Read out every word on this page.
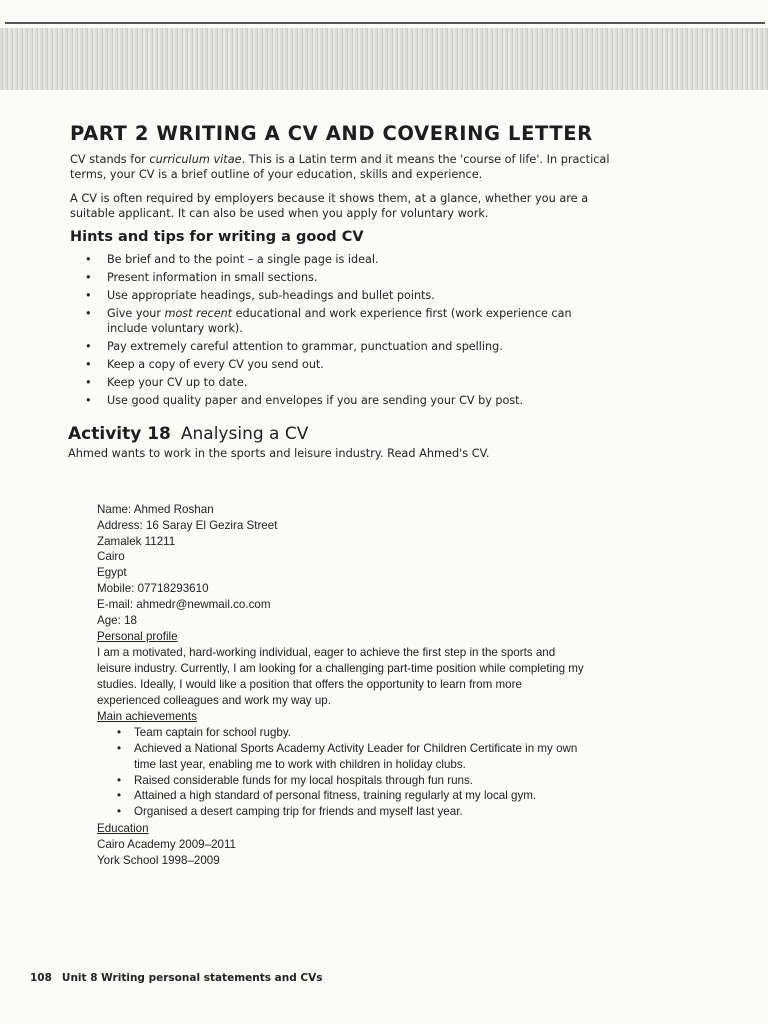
PART 2 WRITING A CV AND COVERING LETTER

CV stands for curriculum vitae. This is a Latin term and it means the 'course of life'. In practical terms, your CV is a brief outline of your education, skills and experience.

A CV is often required by employers because it shows them, at a glance, whether you are a suitable applicant. It can also be used when you apply for voluntary work.

Hints and tips for writing a good CV
• Be brief and to the point – a single page is ideal.
• Present information in small sections.
• Use appropriate headings, sub-headings and bullet points.
• Give your most recent educational and work experience first (work experience can include voluntary work).
• Pay extremely careful attention to grammar, punctuation and spelling.
• Keep a copy of every CV you send out.
• Keep your CV up to date.
• Use good quality paper and envelopes if you are sending your CV by post.
Activity 18 Analysing a CV
Ahmed wants to work in the sports and leisure industry. Read Ahmed's CV.
Name: Ahmed Roshan
Address: 16 Saray El Gezira Street
Zamalek 11211
Cairo
Egypt
Mobile: 07718293610
E-mail: ahmedr@newmail.co.com
Age: 18
Personal profile
I am a motivated, hard-working individual, eager to achieve the first step in the sports and leisure industry. Currently, I am looking for a challenging part-time position while completing my studies. Ideally, I would like a position that offers the opportunity to learn from more experienced colleagues and work my way up.
Main achievements
• Team captain for school rugby.
• Achieved a National Sports Academy Activity Leader for Children Certificate in my own time last year, enabling me to work with children in holiday clubs.
• Raised considerable funds for my local hospitals through fun runs.
• Attained a high standard of personal fitness, training regularly at my local gym.
• Organised a desert camping trip for friends and myself last year.
Education
Cairo Academy 2009–2011
York School 1998–2009
108 Unit 8 Writing personal statements and CVs
